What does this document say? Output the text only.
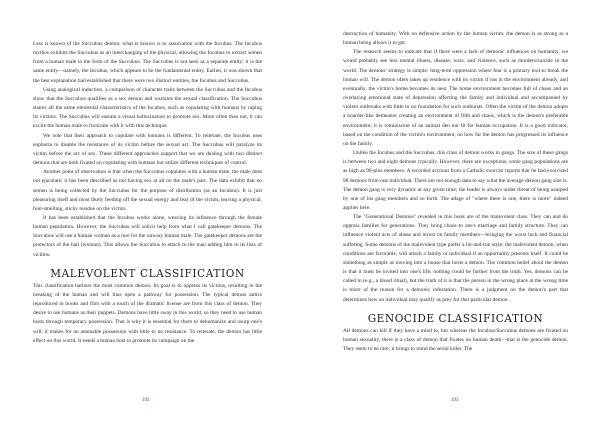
Less is known of the Succubus demon; what is known is in association with the Incubus. The Incubus mythos exhibits the Succubus as an interchanging of the physical, allowing the Incubus to extract semen from a human male in the form of the Succubus. The Succubus is not seen as a separate entity; it is the same entity—namely, the Incubus, which appears to be the fundamental entity. Earlier, it was shown that the best explanation had established that there were two distinct entities, the Incubus and Succubus.

Using analogical induction, a comparison of character traits between the Succubus and the Incubus show that the Succubus qualifies as a sex demon and warrants the sexual classification. The Succubus shares all the same elemental characteristics of the Incubus, such as copulating with humans by raping its victims. The Succubus will sustain a visual hallucination to promote sex. More often than not, it can excite the human male to fornicate with it with this technique.

We note that their approach to copulate with humans is different. To reiterate, the Incubus uses euphoria to disable the resistance of its victim before the sexual act. The Succubus will paralyze its victim before the act of sex. These different approaches support that we are dealing with two distinct demons that are both fixated on copulating with humans but utilize different techniques of control.

Another point of observation is that when the Succubus copulates with a human male, the male does not ejaculate; it has been described as not having sex at all on the male's part. The data exhibit that no semen is being collected by the Succubus for the purpose of distribution (as an Incubus). It is just pleasuring itself and most likely feeding off the sexual energy and fear of the victim, leaving a physical, foul-smelling, sticky residue on the victim.

It has been established that the Incubus works alone, weaving its influence through the female human population. However, the Succubus will solicit help from what I call gatekeeper demons. The Succubus will use a human woman as a lure for the unwary human male. The gatekeeper demons are the protectors of the bait (woman). This allows the Succubus to attach to the man adding him to its lists of victims.

MALEVOLENT CLASSIFICATION

This classification harbors the most common demon. Its goal is to oppress its victims, resulting in the breaking of the human and will thus open a pathway for possession. The typical demon antics reproduced in books and film with a touch of the dramatic license are from this class of demon. They desire to use humans as their puppets. Demons have little sway in this world, so they need to use human hosts through temporary possession. That is why it is essential for them to dehumanize and usurp one's will; it makes for an amenable possession with little to no resistance. To reiterate, the demon has little effect on this world. It needs a human host to promote its campaign on the

192

destruction of humanity. With no defensive action by the human victim, the demon is as strong as a human being allows it to get.

The research seems to indicate that if there were a lack of demonic influences on humanity, we would probably see less mental illness, disease, wars, and violence, such as murders/suicide in the world. The demons' strategy is simple: long-term oppression where fear is a primary tool to break the human will. The demon often takes up residence with its victim if not in the environment already, and eventually, the victim's home becomes its nest. The home environment becomes full of chaos and an overlaying emotional state of depression affecting the family and individual and accompanied by violent outbreaks with little to no foundation for such outbursts. Often the victim of the demon adopts a hoarder-like demeanor creating an environment of filth and chaos, which is the demon's preferable environment; it is reminiscent of an animal den not fit for human occupation. It is a good indicator, based on the condition of the victim's environment, on how far the demon has progressed its influence on the family.

Unlike the Incubus and the Succubus, this class of demon works in gangs. The size of these gangs is between two and eight demons typically. However, there are exceptions; some gang populations are as high as 90-plus members. A recorded account from a Catholic exorcist reports that he had exorcised 98 demons from one individual. There are not enough data to say what the average demon gang size is. The demon gang is very dynamic at any given time; the leader is always under threat of being usurped by one of his gang members and so forth. The adage of "where there is one, there is more" indeed applies here.

The "Generational Demons" revealed in this book are of the malevolent class. They can and do oppress families for generations. They bring chaos to one's marriage and family structure. They can influence violent acts of abuse and incest on family members—bringing the worst luck and financial suffering. Some demons of the malevolent type prefer a hit-and-run style; the malevolent demon, when conditions are favorable, will attack a family or individual if an opportunity presents itself. It could be something as simple as moving into a house that hosts a demon. The common belief about the demon is that it must be invited into one's life; nothing could be further from the truth. Yes, demons can be called in (e.g., a blood ritual), but the truth of it is that the person in the wrong place at the wrong time is more of the reason for a demonic infestation. There is a judgment on the demon's part that determines how an individual may qualify as prey for that particular demon.

GENOCIDE CLASSIFICATION

All demons can kill if they have a mind to, but whereas the Incubus/Succubus demons are fixated on human sexuality, there is a class of demon that fixates on human death—that is the genocide demon. They seem to be rare; it brings to mind the serial killer. The

193
